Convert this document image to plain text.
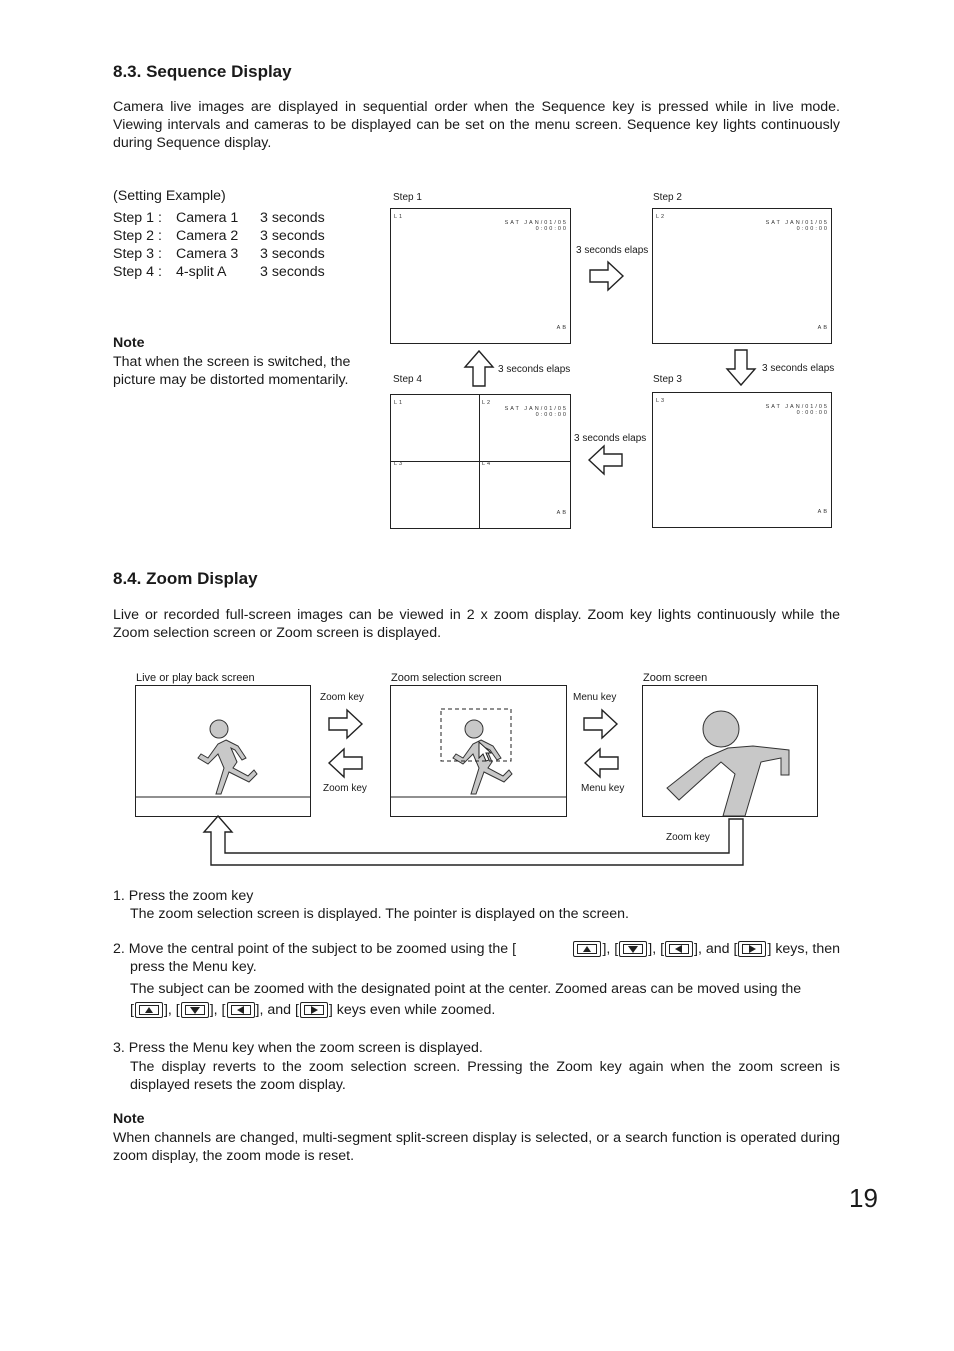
8.3. Sequence Display
Camera live images are displayed in sequential order when the Sequence key is pressed while in live mode. Viewing intervals and cameras to be displayed can be set on the menu screen. Sequence key lights continuously during Sequence display.
(Setting Example)
Step 1 : Camera 1 3 seconds
Step 2 : Camera 2 3 seconds
Step 3 : Camera 3 3 seconds
Step 4 : 4-split A 3 seconds
Note
That when the screen is switched, the picture may be distorted momentarily.
Step 1
L1
SAT JAN/01/05
0:00:00
AB
Step 2
L2
SAT JAN/01/05
0:00:00
AB
Step 3
L3
SAT JAN/01/05
0:00:00
AB
Step 4
L1	L2
L3	L4
SAT JAN/01/05
0:00:00
AB
3 seconds elaps
3 seconds elaps
3 seconds elaps
3 seconds elaps
8.4. Zoom Display
Live or recorded full-screen images can be viewed in 2 x zoom display. Zoom key lights continuously while the Zoom selection screen or Zoom screen is displayed.
Live or play back screen	Zoom selection screen	Zoom screen
Zoom key
Zoom key
Menu key
Menu key
Zoom key
1. Press the zoom key
The zoom selection screen is displayed. The pointer is displayed on the screen.
2. Move the central point of the subject to be zoomed using the [	], [ ], [ ], and [ ] keys, then
press the Menu key.
The subject can be zoomed with the designated point at the center. Zoomed areas can be moved using the
[ ], [ ], [ ], and [ ] keys even while zoomed.
3. Press the Menu key when the zoom screen is displayed.
The display reverts to the zoom selection screen. Pressing the Zoom key again when the zoom screen is displayed resets the zoom display.
Note
When channels are changed, multi-segment split-screen display is selected, or a search function is operated during zoom display, the zoom mode is reset.
19
